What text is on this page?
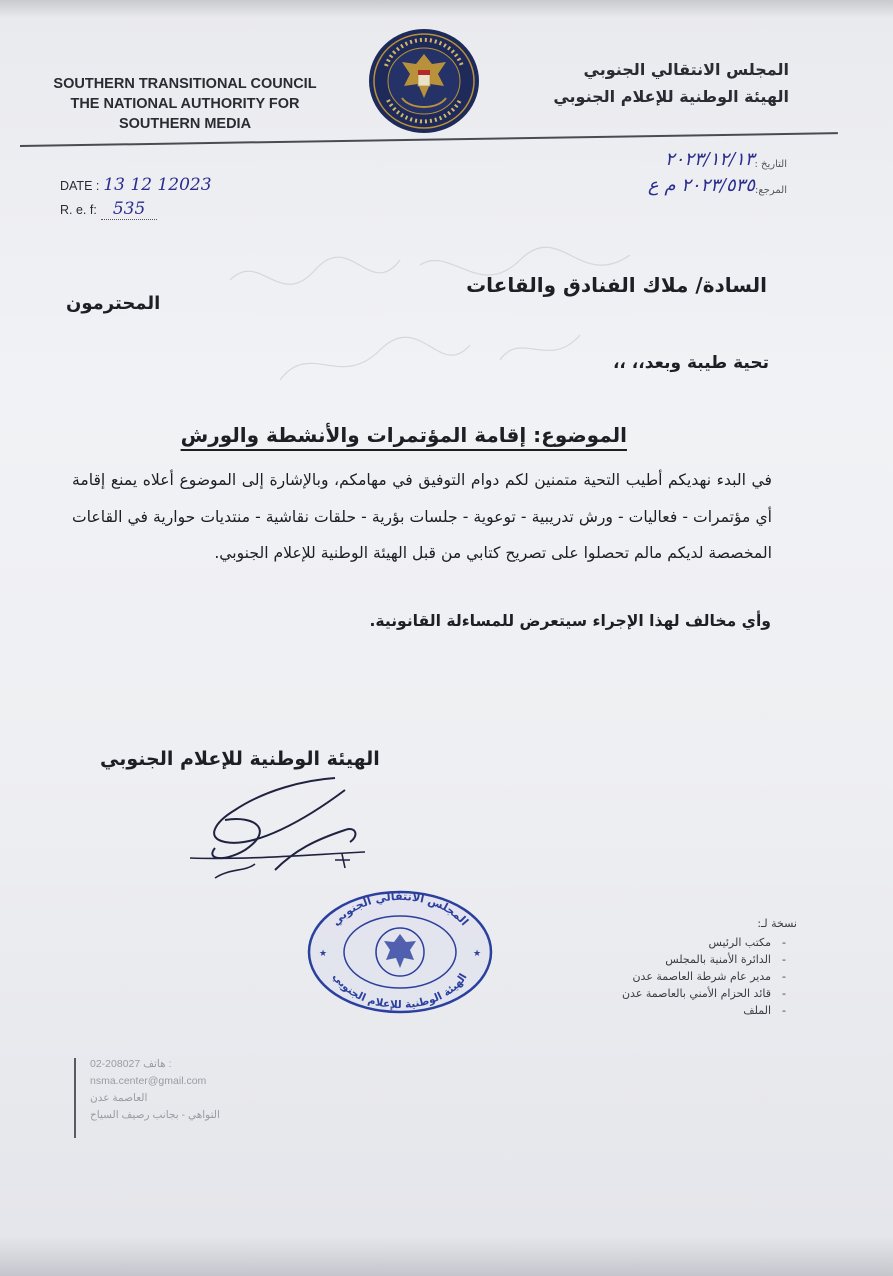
SOUTHERN TRANSITIONAL COUNCIL
THE NATIONAL AUTHORITY FOR
SOUTHERN MEDIA
المجلس الانتقالي الجنوبي
الهيئة الوطنية للإعلام الجنوبي
DATE : 13 12 12023
R. e. f: 535
التاريخ :
٢٠٢٣/١٢/١٣
المرجع:
٢٠٢٣/٥٣٥ م ع
السادة/ ملاك الفنادق والقاعات
المحترمون
تحية طيبة وبعد،، ،،
الموضوع: إقامة المؤتمرات والأنشطة والورش
في البدء نهديكم أطيب التحية متمنين لكم دوام التوفيق في مهامكم، وبالإشارة إلى الموضوع أعلاه يمنع إقامة أي مؤتمرات - فعاليات - ورش تدريبية - توعوية - جلسات بؤرية - حلقات نقاشية - منتديات حوارية في القاعات المخصصة لديكم مالم تحصلوا على تصريح كتابي من قبل الهيئة الوطنية للإعلام الجنوبي.
وأي مخالف لهذا الإجراء سيتعرض للمساءلة القانونية.
الهيئة الوطنية للإعلام الجنوبي
المجلس الانتقالي الجنوبي
الهيئة الوطنية للإعلام الجنوبي
★	★
نسخة لـ:
- مكتب الرئيس
- الدائرة الأمنية بالمجلس
- مدير عام شرطة العاصمة عدن
- قائد الحزام الأمني بالعاصمة عدن
- الملف
02-208027 هاتف :
nsma.center@gmail.com
العاصمة عدن
التواهي - بجانب رصيف السياح
